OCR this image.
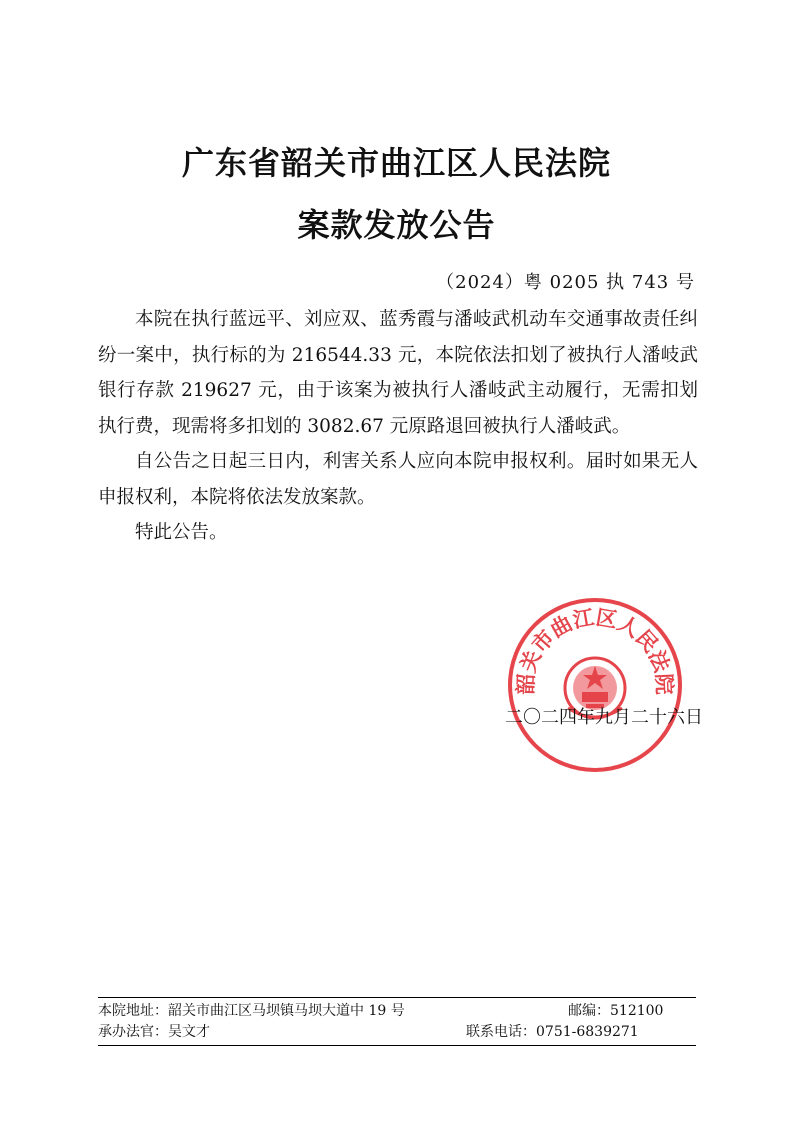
广东省韶关市曲江区人民法院
案款发放公告
（2024）粤 0205 执 743 号

本院在执行蓝远平、刘应双、蓝秀霞与潘岐武机动车交通事故责任纠纷一案中，执行标的为 216544.33 元，本院依法扣划了被执行人潘岐武银行存款 219627 元，由于该案为被执行人潘岐武主动履行，无需扣划执行费，现需将多扣划的 3082.67 元原路退回被执行人潘岐武。

自公告之日起三日内，利害关系人应向本院申报权利。届时如果无人申报权利，本院将依法发放案款。

特此公告。

韶关市曲江区人民法院
二〇二四年九月二十六日
本院地址：韶关市曲江区马坝镇马坝大道中 19 号	邮编：512100
承办法官：吴文才	联系电话：0751-6839271
